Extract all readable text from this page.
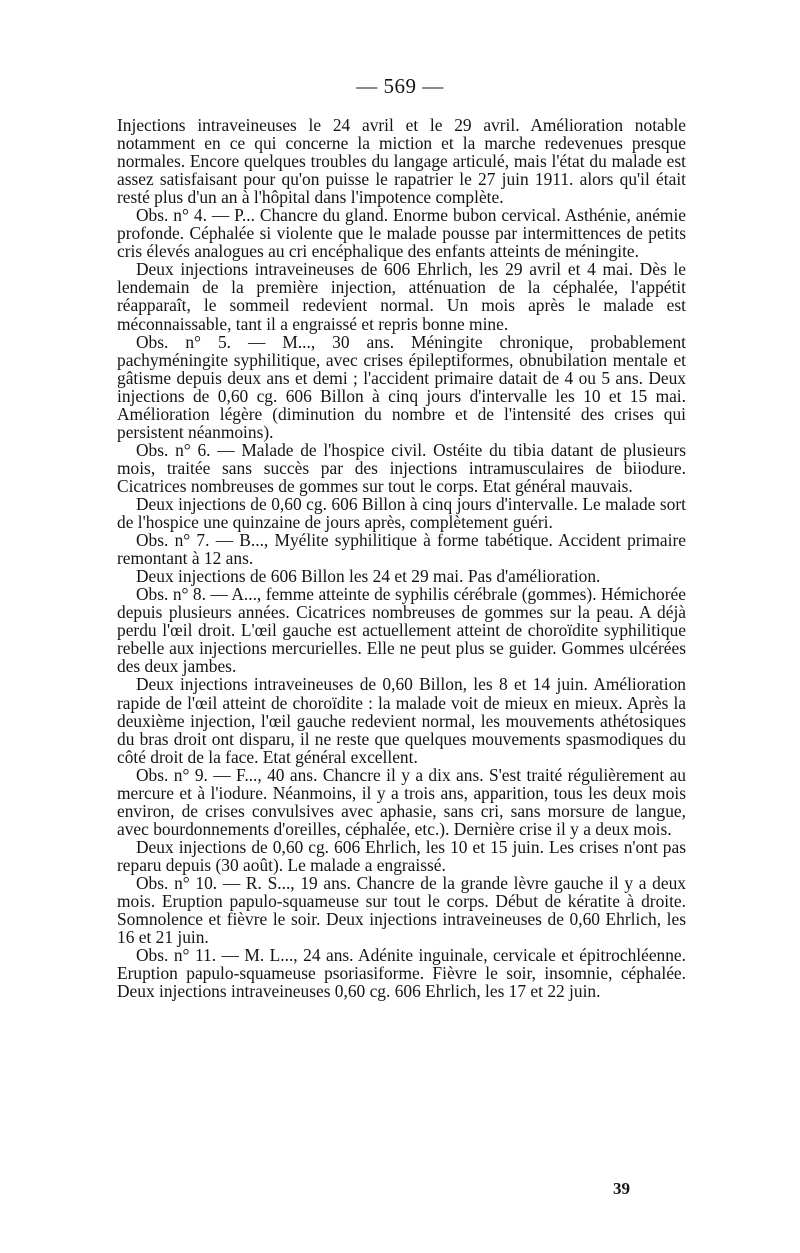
— 569 —

Injections intraveineuses le 24 avril et le 29 avril. Amélioration notable notamment en ce qui concerne la miction et la marche redevenues presque normales. Encore quelques troubles du langage articulé, mais l'état du malade est assez satisfaisant pour qu'on puisse le rapatrier le 27 juin 1911. alors qu'il était resté plus d'un an à l'hôpital dans l'impotence complète.

Obs. n° 4. — P... Chancre du gland. Enorme bubon cervical. Asthénie, anémie profonde. Céphalée si violente que le malade pousse par intermittences de petits cris élevés analogues au cri encéphalique des enfants atteints de méningite.

Deux injections intraveineuses de 606 Ehrlich, les 29 avril et 4 mai. Dès le lendemain de la première injection, atténuation de la céphalée, l'appétit réapparaît, le sommeil redevient normal. Un mois après le malade est méconnaissable, tant il a engraissé et repris bonne mine.

Obs. n° 5. — M..., 30 ans. Méningite chronique, probablement pachyméningite syphilitique, avec crises épileptiformes, obnubilation mentale et gâtisme depuis deux ans et demi ; l'accident primaire datait de 4 ou 5 ans. Deux injections de 0,60 cg. 606 Billon à cinq jours d'intervalle les 10 et 15 mai. Amélioration légère (diminution du nombre et de l'intensité des crises qui persistent néanmoins).

Obs. n° 6. — Malade de l'hospice civil. Ostéite du tibia datant de plusieurs mois, traitée sans succès par des injections intramusculaires de biiodure. Cicatrices nombreuses de gommes sur tout le corps. Etat général mauvais.

Deux injections de 0,60 cg. 606 Billon à cinq jours d'intervalle. Le malade sort de l'hospice une quinzaine de jours après, complètement guéri.

Obs. n° 7. — B..., Myélite syphilitique à forme tabétique. Accident primaire remontant à 12 ans.

Deux injections de 606 Billon les 24 et 29 mai. Pas d'amélioration.

Obs. n° 8. — A..., femme atteinte de syphilis cérébrale (gommes). Hémichorée depuis plusieurs années. Cicatrices nombreuses de gommes sur la peau. A déjà perdu l'œil droit. L'œil gauche est actuellement atteint de choroïdite syphilitique rebelle aux injections mercurielles. Elle ne peut plus se guider. Gommes ulcérées des deux jambes.

Deux injections intraveineuses de 0,60 Billon, les 8 et 14 juin. Amélioration rapide de l'œil atteint de choroïdite : la malade voit de mieux en mieux. Après la deuxième injection, l'œil gauche redevient normal, les mouvements athétosiques du bras droit ont disparu, il ne reste que quelques mouvements spasmodiques du côté droit de la face. Etat général excellent.

Obs. n° 9. — F..., 40 ans. Chancre il y a dix ans. S'est traité régulièrement au mercure et à l'iodure. Néanmoins, il y a trois ans, apparition, tous les deux mois environ, de crises convulsives avec aphasie, sans cri, sans morsure de langue, avec bourdonnements d'oreilles, céphalée, etc.). Dernière crise il y a deux mois.

Deux injections de 0,60 cg. 606 Ehrlich, les 10 et 15 juin. Les crises n'ont pas reparu depuis (30 août). Le malade a engraissé.

Obs. n° 10. — R. S..., 19 ans. Chancre de la grande lèvre gauche il y a deux mois. Eruption papulo-squameuse sur tout le corps. Début de kératite à droite. Somnolence et fièvre le soir. Deux injections intraveineuses de 0,60 Ehrlich, les 16 et 21 juin.

Obs. n° 11. — M. L..., 24 ans. Adénite inguinale, cervicale et épitrochléenne. Eruption papulo-squameuse psoriasiforme. Fièvre le soir, insomnie, céphalée. Deux injections intraveineuses 0,60 cg. 606 Ehrlich, les 17 et 22 juin.

39
